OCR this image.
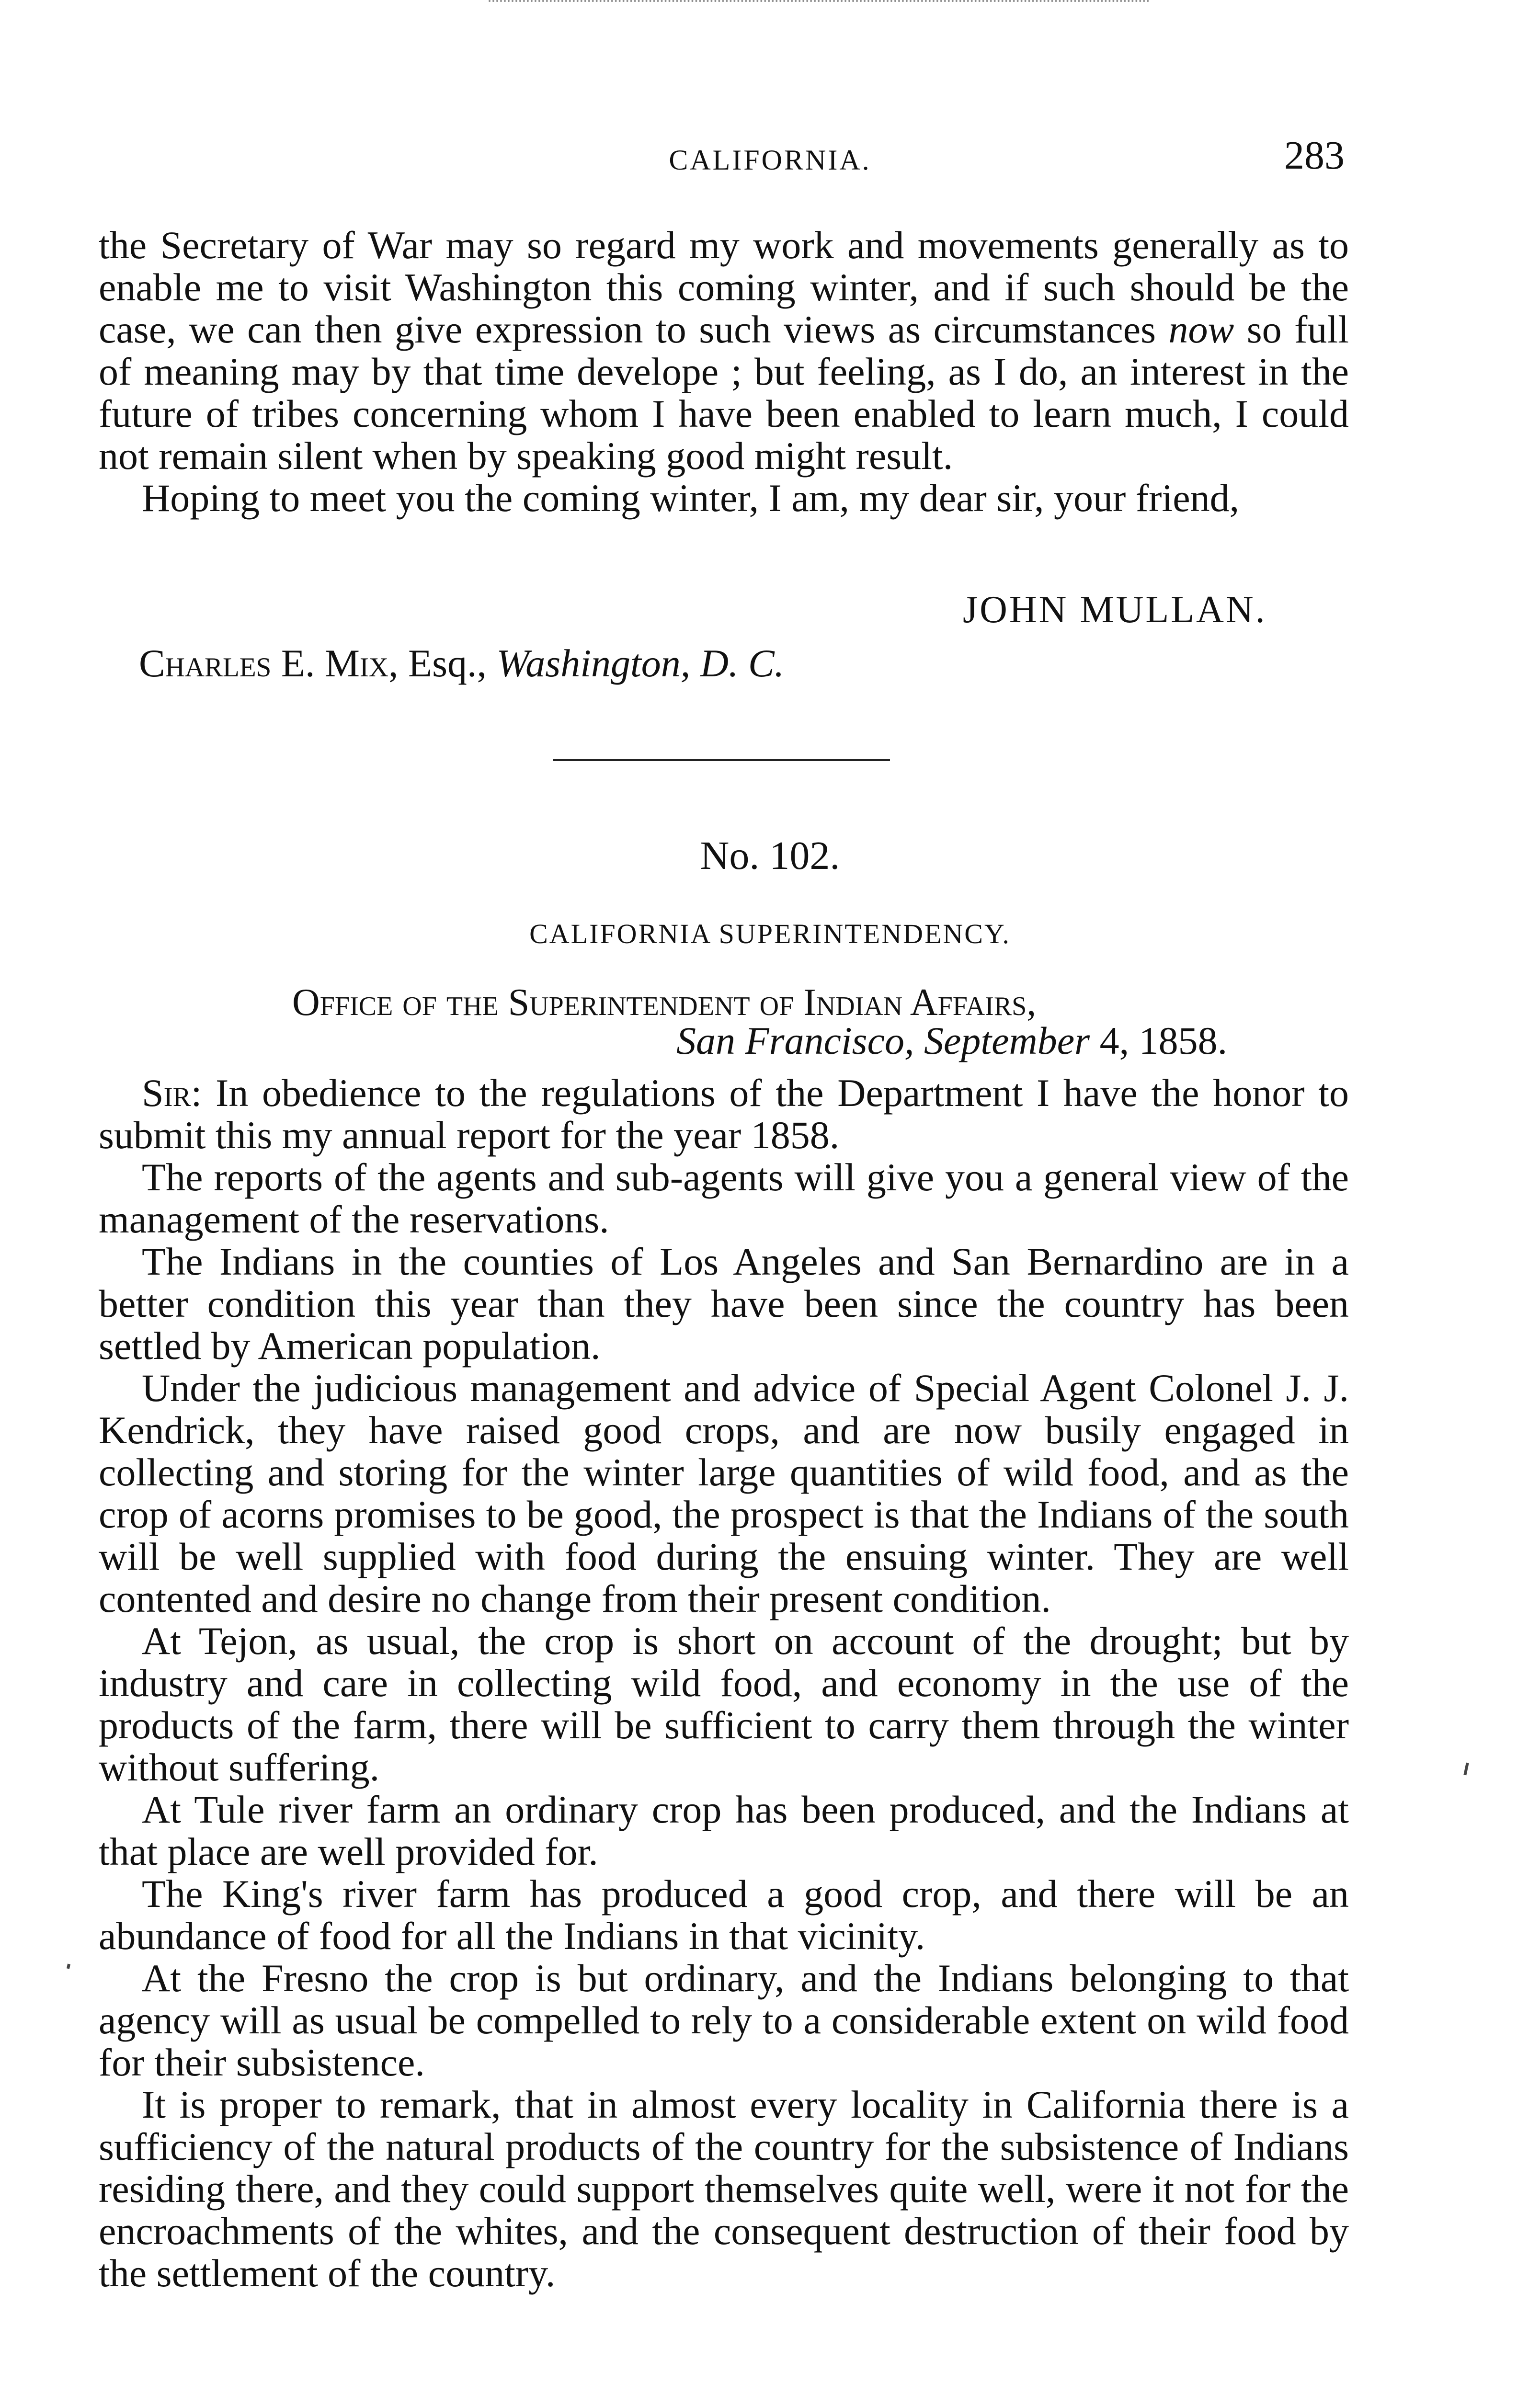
CALIFORNIA.	283

the Secretary of War may so regard my work and movements generally as to enable me to visit Washington this coming winter, and if such should be the case, we can then give expression to such views as circumstances now so full of meaning may by that time develope ; but feeling, as I do, an interest in the future of tribes concerning whom I have been enabled to learn much, I could not remain silent when by speaking good might result.

Hoping to meet you the coming winter, I am, my dear sir, your friend,

JOHN MULLAN.
Charles E. Mix, Esq., Washington, D. C.
No. 102.
CALIFORNIA SUPERINTENDENCY.
Office of the Superintendent of Indian Affairs,
San Francisco, September 4, 1858.

Sir: In obedience to the regulations of the Department I have the honor to submit this my annual report for the year 1858.

The reports of the agents and sub-agents will give you a general view of the management of the reservations.

The Indians in the counties of Los Angeles and San Bernardino are in a better condition this year than they have been since the country has been settled by American population.

Under the judicious management and advice of Special Agent Colonel J. J. Kendrick, they have raised good crops, and are now busily engaged in collecting and storing for the winter large quantities of wild food, and as the crop of acorns promises to be good, the prospect is that the Indians of the south will be well supplied with food during the ensuing winter. They are well contented and desire no change from their present condition.

At Tejon, as usual, the crop is short on account of the drought; but by industry and care in collecting wild food, and economy in the use of the products of the farm, there will be sufficient to carry them through the winter without suffering.

At Tule river farm an ordinary crop has been produced, and the Indians at that place are well provided for.

The King's river farm has produced a good crop, and there will be an abundance of food for all the Indians in that vicinity.

At the Fresno the crop is but ordinary, and the Indians belonging to that agency will as usual be compelled to rely to a considerable extent on wild food for their subsistence.

It is proper to remark, that in almost every locality in California there is a sufficiency of the natural products of the country for the subsistence of Indians residing there, and they could support themselves quite well, were it not for the encroachments of the whites, and the consequent destruction of their food by the settlement of the country.
